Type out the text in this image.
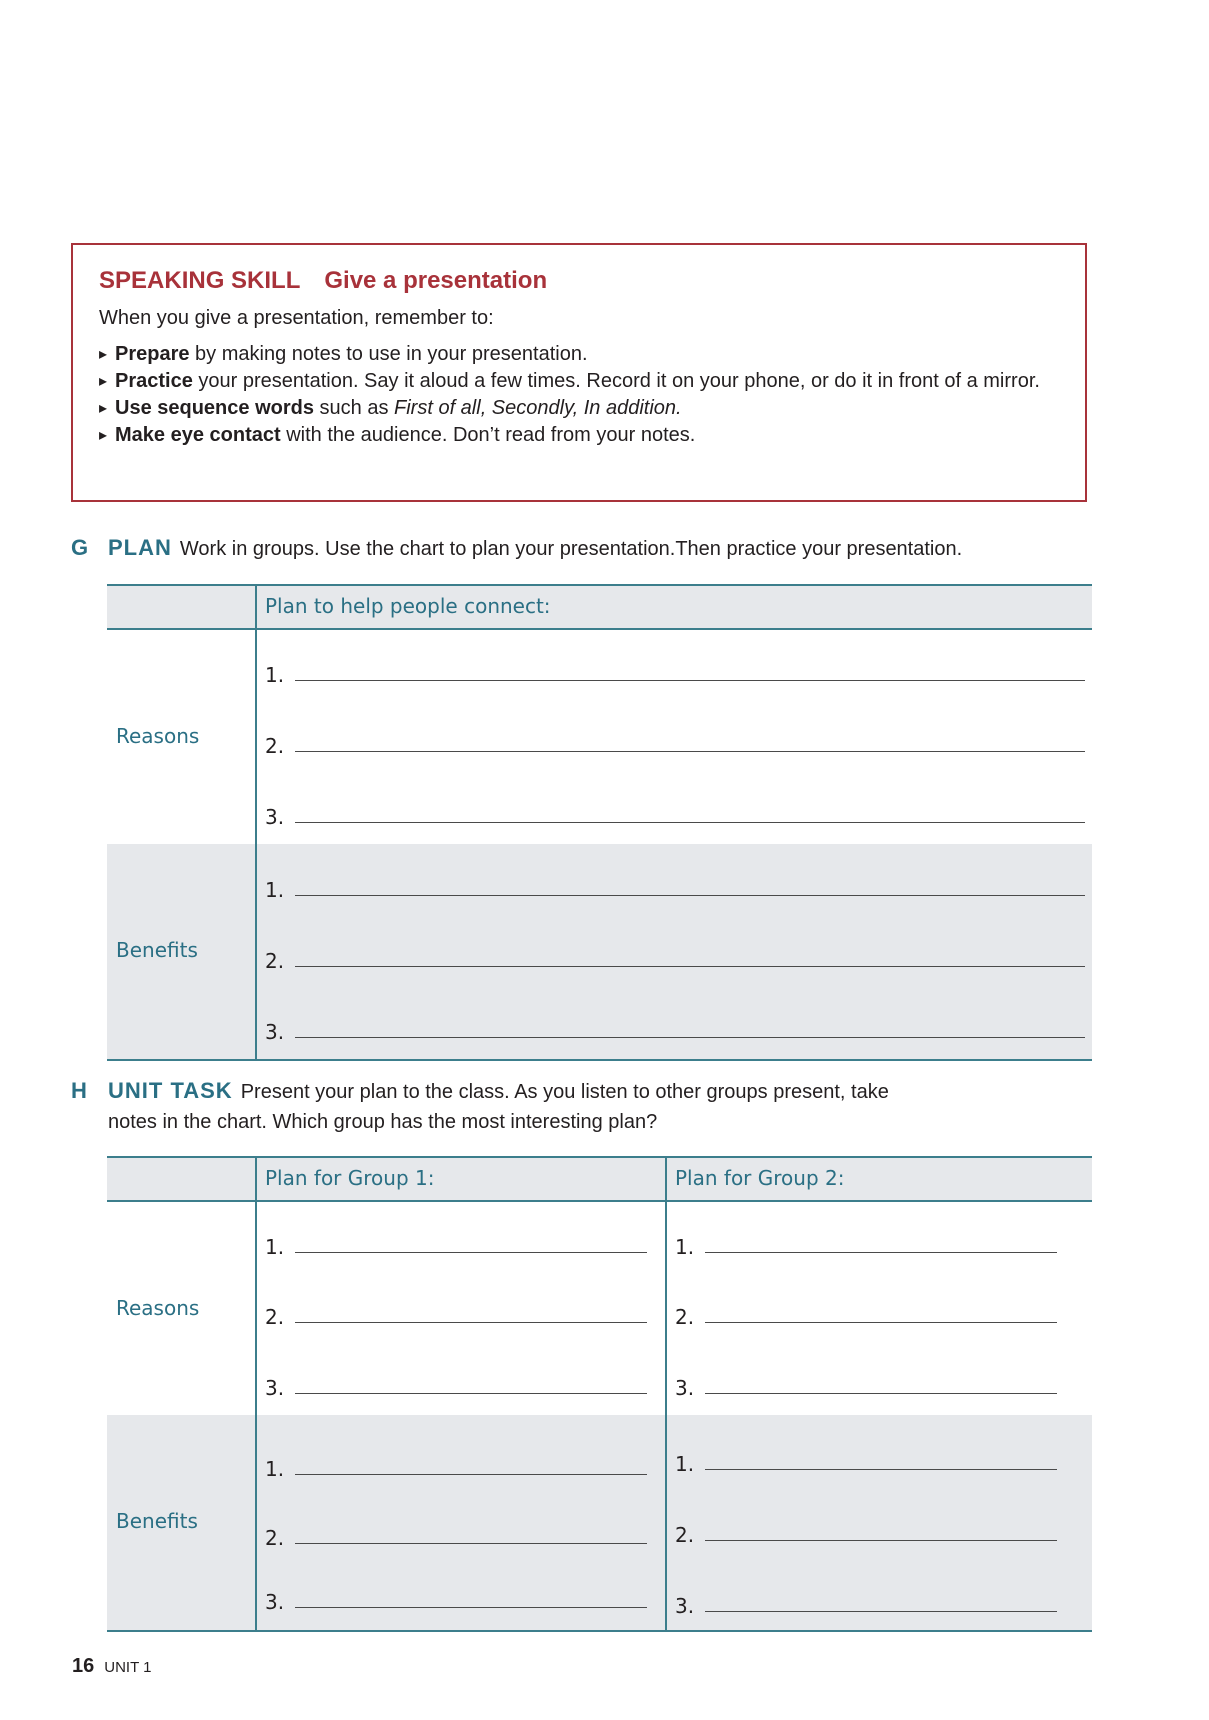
SPEAKING SKILL Give a presentation
When you give a presentation, remember to:
▸ Prepare by making notes to use in your presentation.
▸ Practice your presentation. Say it aloud a few times. Record it on your phone, or do it in front of a mirror.
▸ Use sequence words such as First of all, Secondly, In addition.
▸ Make eye contact with the audience. Don’t read from your notes.
G PLAN Work in groups. Use the chart to plan your presentation.Then practice your presentation.
Plan to help people connect:
Reasons
1.
2.
3.
Benefits
1.
2.
3.
H UNIT TASK Present your plan to the class. As you listen to other groups present, take
notes in the chart. Which group has the most interesting plan?
Plan for Group 1:	Plan for Group 2:
Reasons
1.
2.
3.
1.
2.
3.
Benefits
1.
2.
3.
1.
2.
3.
16 UNIT 1
